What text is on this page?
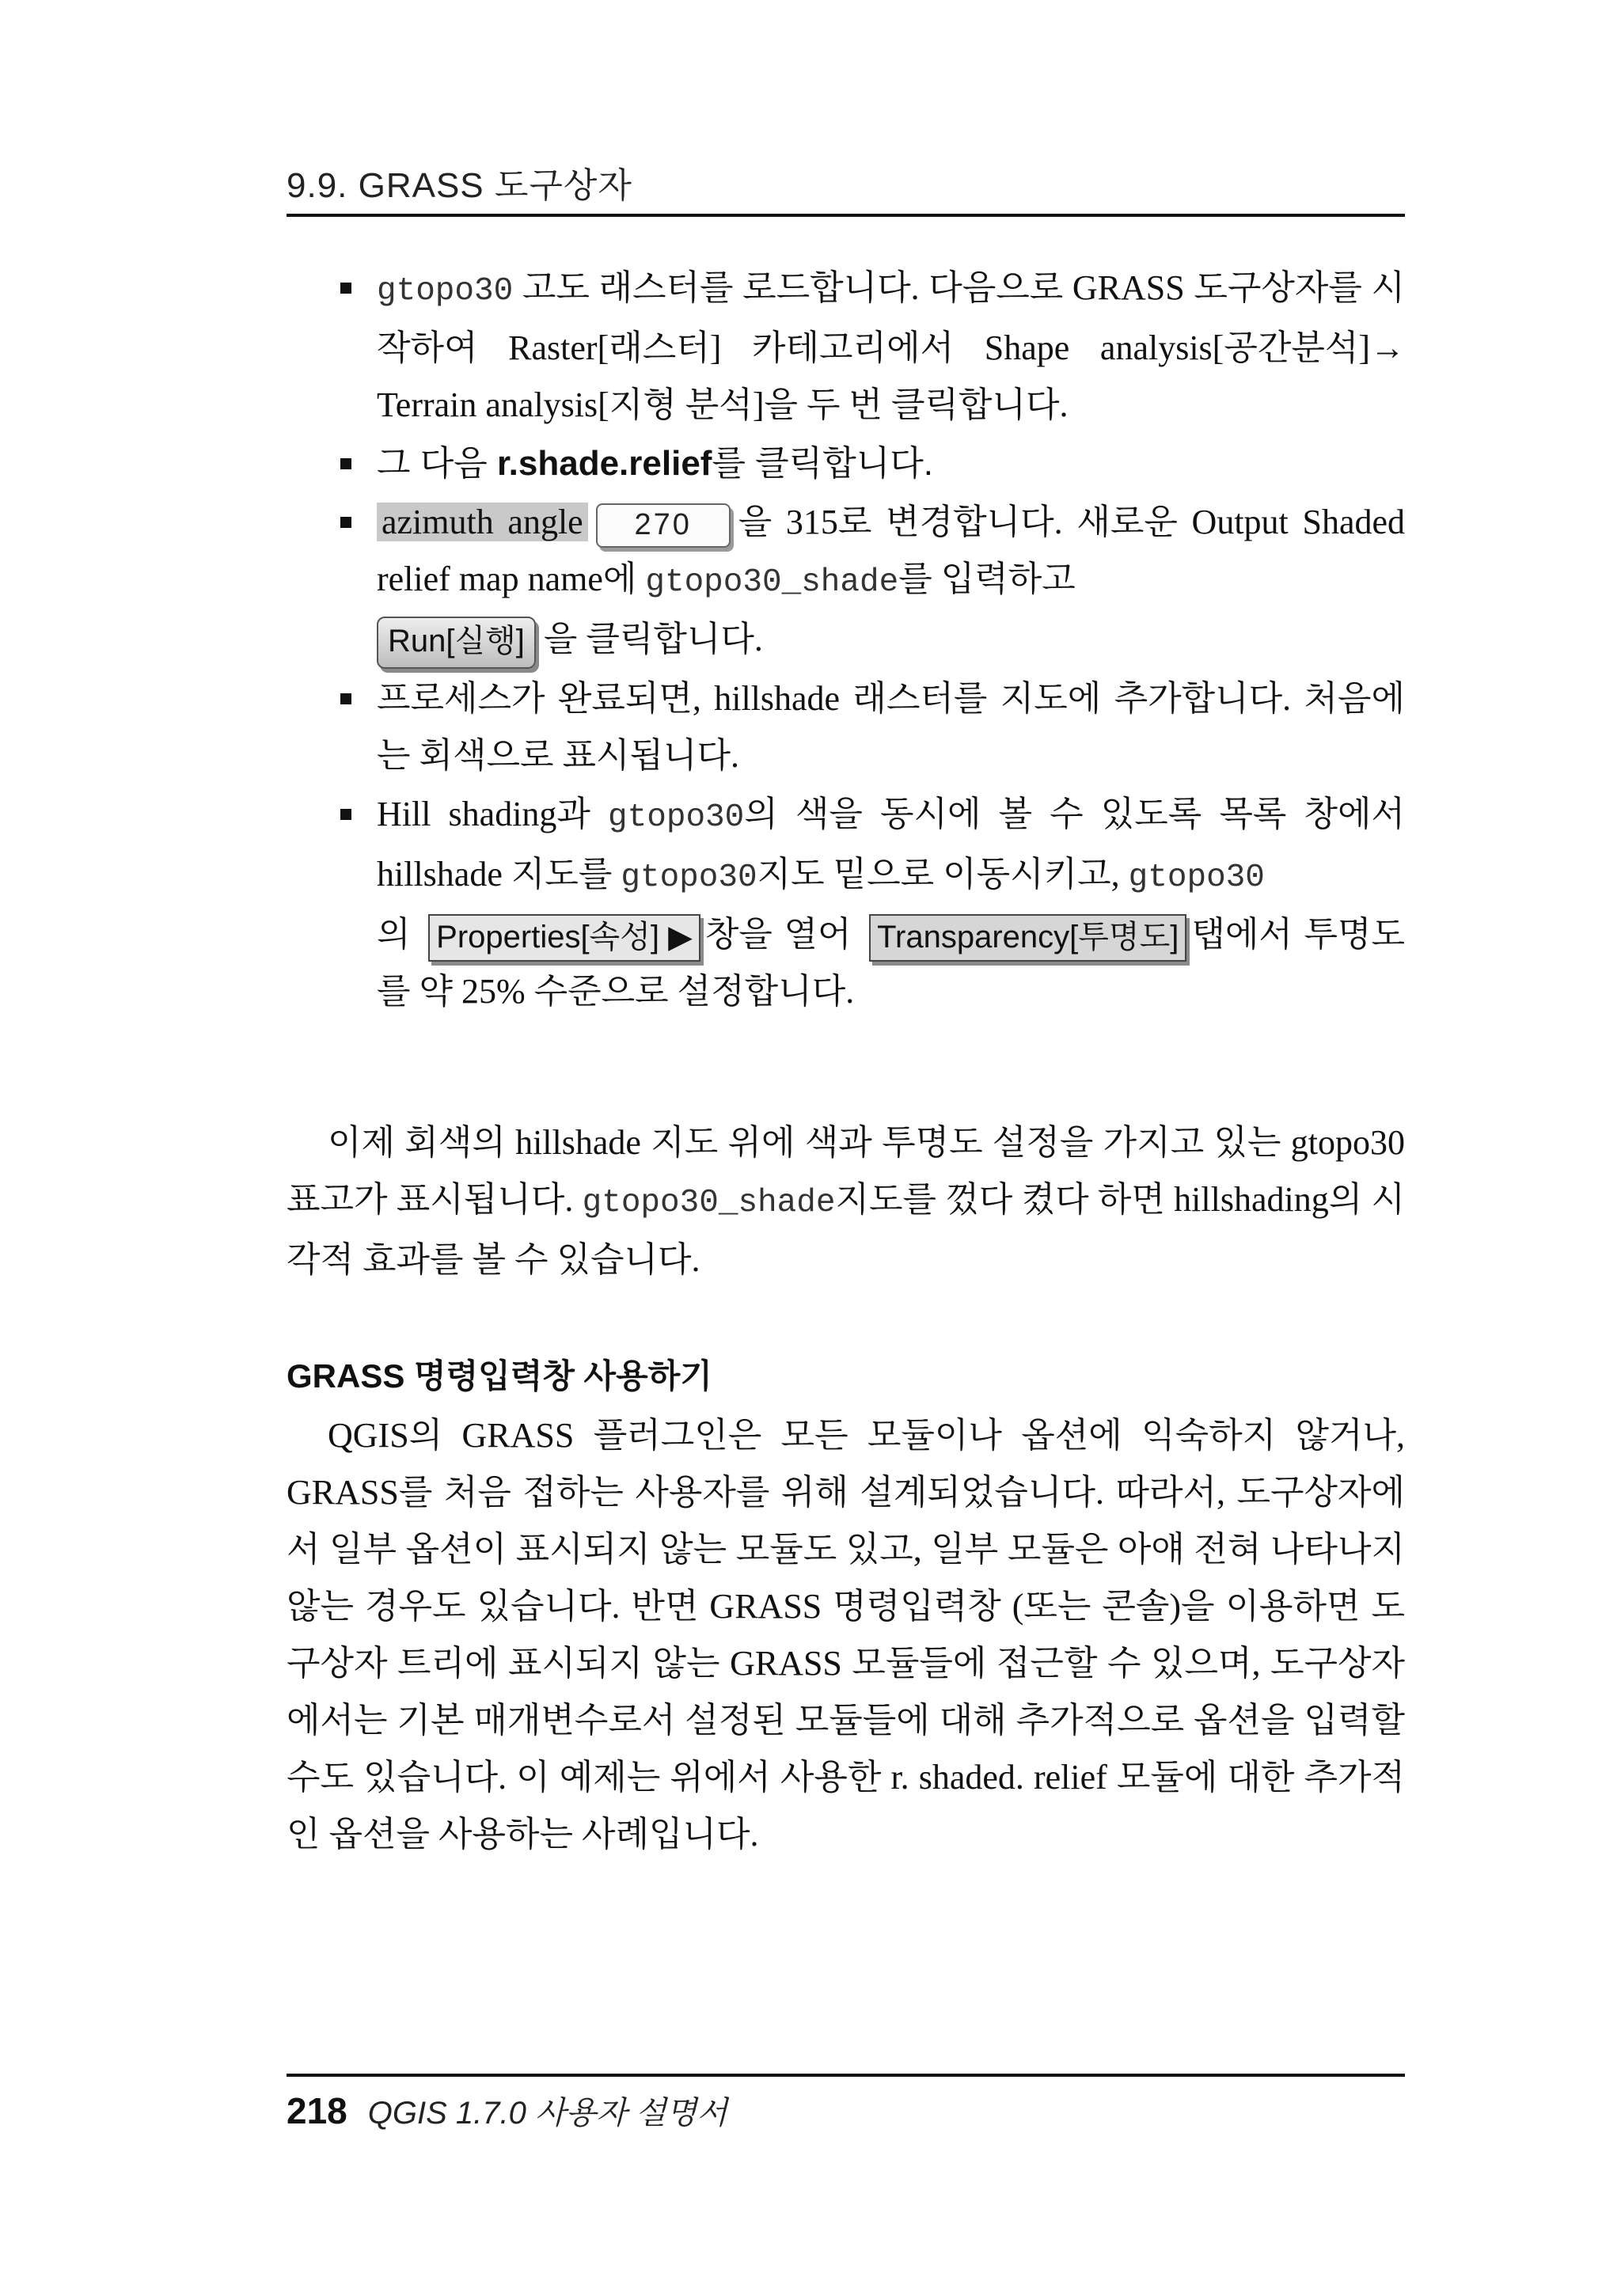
9.9. GRASS 도구상자
gtopo30 고도 래스터를 로드합니다. 다음으로 GRASS 도구상자를 시작하여 Raster[래스터] 카테고리에서 Shape analysis[공간분석]→ Terrain analysis[지형 분석]을 두 번 클릭합니다.
그 다음 r.shade.relief를 클릭합니다.
azimuth angle 270 을 315로 변경합니다. 새로운 Output Shaded relief map name에 gtopo30_shade를 입력하고
Run[실행] 을 클릭합니다.
프로세스가 완료되면, hillshade 래스터를 지도에 추가합니다. 처음에는 회색으로 표시됩니다.
Hill shading과 gtopo30의 색을 동시에 볼 수 있도록 목록 창에서 hillshade 지도를 gtopo30지도 밑으로 이동시키고, gtopo30
의 Properties[속성] ▶ 창을 열어 Transparency[투명도] 탭에서 투명도를 약 25% 수준으로 설정합니다.
이제 회색의 hillshade 지도 위에 색과 투명도 설정을 가지고 있는 gtopo30 표고가 표시됩니다. gtopo30_shade지도를 껐다 켰다 하면 hillshading의 시각적 효과를 볼 수 있습니다.
GRASS 명령입력창 사용하기
QGIS의 GRASS 플러그인은 모든 모듈이나 옵션에 익숙하지 않거나, GRASS를 처음 접하는 사용자를 위해 설계되었습니다. 따라서, 도구상자에서 일부 옵션이 표시되지 않는 모듈도 있고, 일부 모듈은 아얘 전혀 나타나지 않는 경우도 있습니다. 반면 GRASS 명령입력창 (또는 콘솔)을 이용하면 도구상자 트리에 표시되지 않는 GRASS 모듈들에 접근할 수 있으며, 도구상자에서는 기본 매개변수로서 설정된 모듈들에 대해 추가적으로 옵션을 입력할 수도 있습니다. 이 예제는 위에서 사용한 r. shaded. relief 모듈에 대한 추가적인 옵션을 사용하는 사례입니다.
218 QGIS 1.7.0 사용자 설명서
